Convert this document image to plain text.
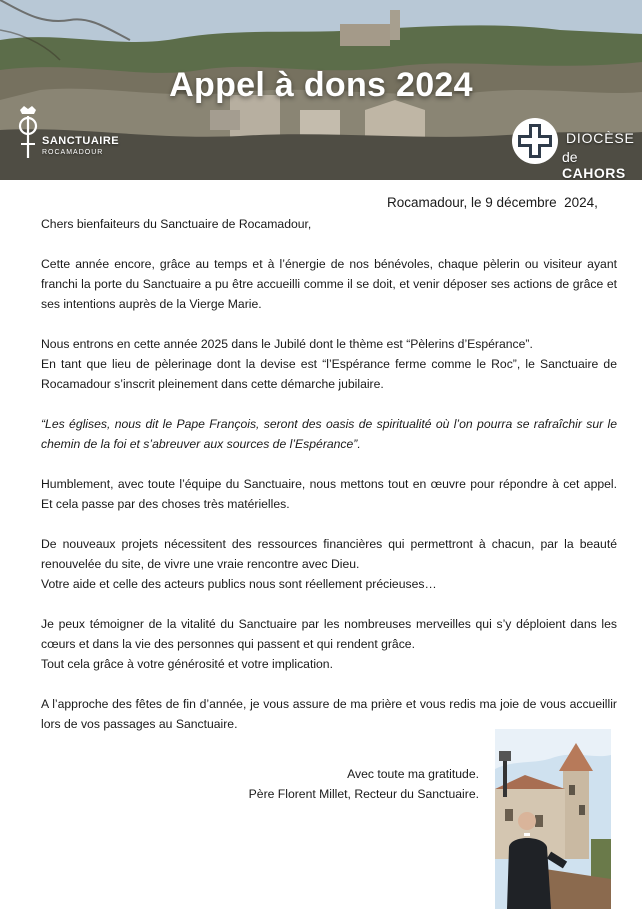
Appel à dons 2024
SANCTUAIRE
ROCAMADOUR
DIOCÈSE
de CAHORS
Rocamadour, le 9 décembre  2024,

Chers bienfaiteurs du Sanctuaire de Rocamadour,

Cette année encore, grâce au temps et à l’énergie de nos bénévoles, chaque pèlerin ou visiteur ayant franchi la porte du Sanctuaire a pu être accueilli comme il se doit, et venir déposer ses actions de grâce et ses intentions auprès de la Vierge Marie.

Nous entrons en cette année 2025 dans le Jubilé dont le thème est “Pèlerins d’Espérance”.

En tant que lieu de pèlerinage dont la devise est “l’Espérance ferme comme le Roc”, le Sanctuaire de Rocamadour s’inscrit pleinement dans cette démarche jubilaire.

“Les églises, nous dit le Pape François, seront des oasis de spiritualité où l’on pourra se rafraîchir sur le chemin de la foi et s’abreuver aux sources de l’Espérance”.

Humblement, avec toute l’équipe du Sanctuaire, nous mettons tout en œuvre pour répondre à cet appel. Et cela passe par des choses très matérielles.

De nouveaux projets nécessitent des ressources financières qui permettront à chacun, par la beauté renouvelée du site, de vivre une vraie rencontre avec Dieu.

Votre aide et celle des acteurs publics nous sont réellement précieuses…

Je peux témoigner de la vitalité du Sanctuaire par les nombreuses merveilles qui s’y déploient dans les cœurs et dans la vie des personnes qui passent et qui rendent grâce.

Tout cela grâce à votre générosité et votre implication.

A l’approche des fêtes de fin d’année, je vous assure de ma prière et vous redis ma joie de vous accueillir lors de vos passages au Sanctuaire.

Avec toute ma gratitude.
Père Florent Millet, Recteur du Sanctuaire.
